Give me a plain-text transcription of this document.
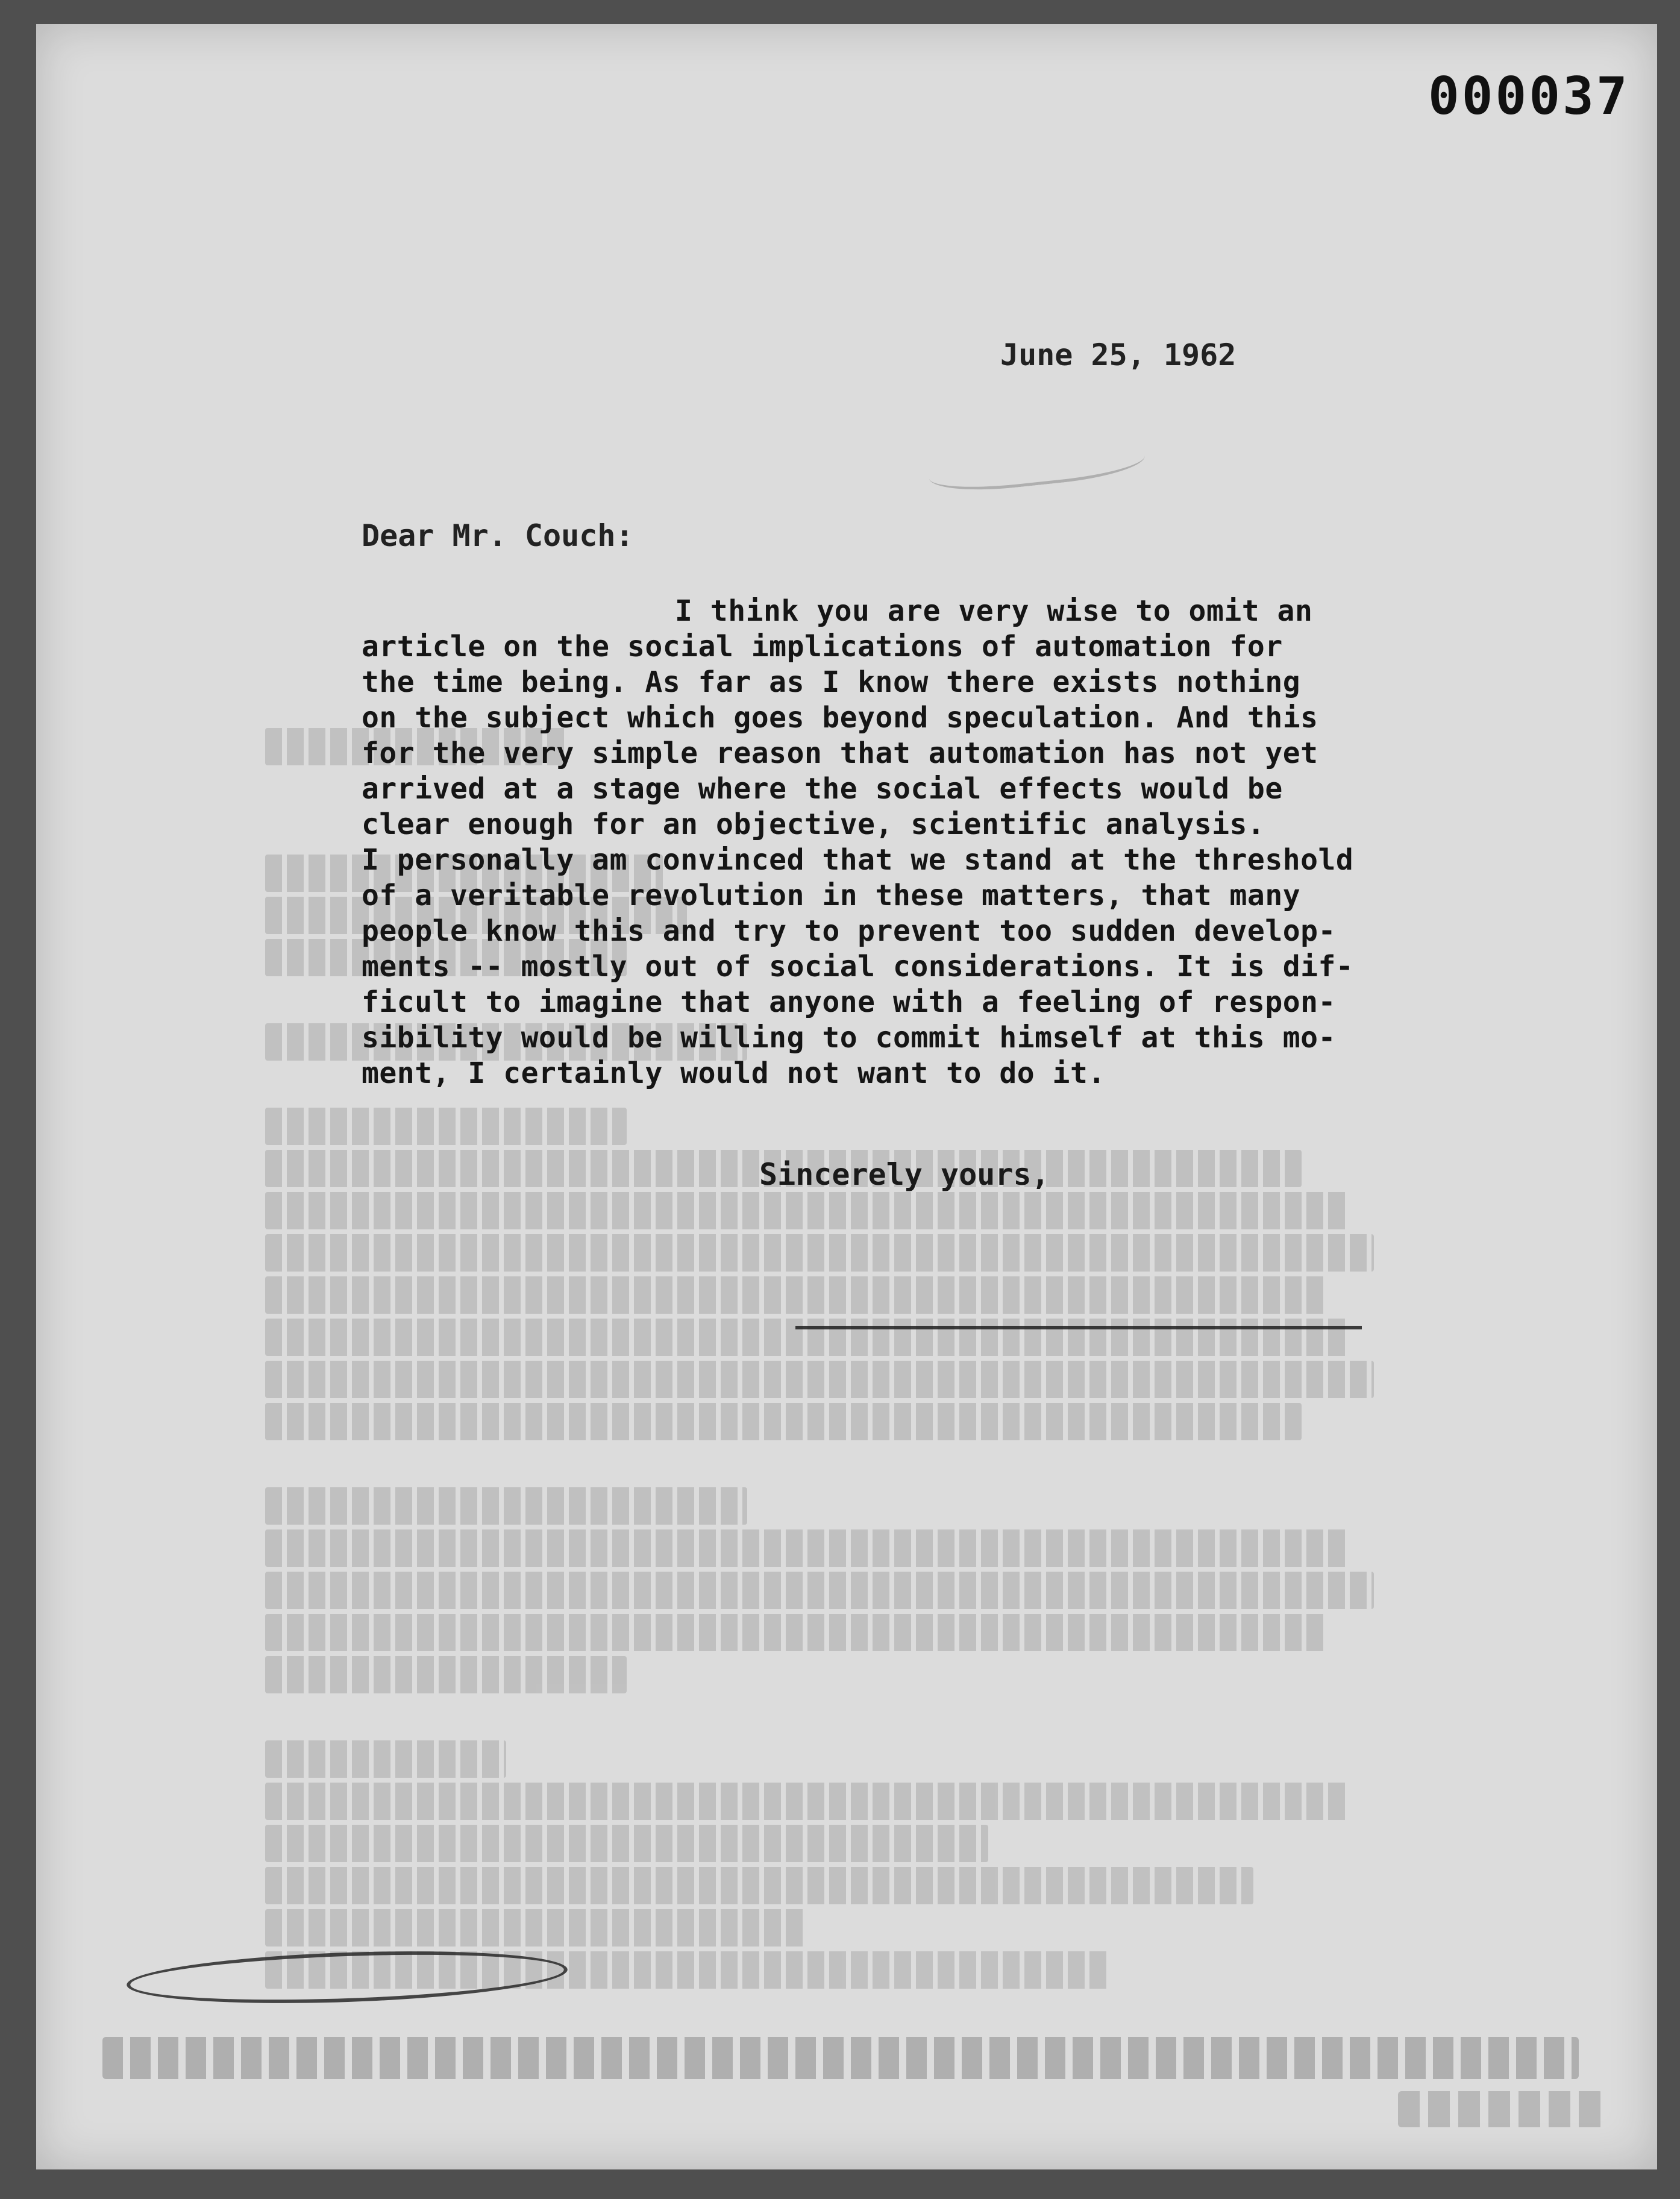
000037
June 25, 1962
Dear Mr. Couch:
I think you are very wise to omit an
article on the social implications of automation for
the time being. As far as I know there exists nothing
on the subject which goes beyond speculation. And this
for the very simple reason that automation has not yet
arrived at a stage where the social effects would be
clear enough for an objective, scientific analysis.
I personally am convinced that we stand at the threshold
of a veritable revolution in these matters, that many
people know this and try to prevent too sudden develop-
ments -- mostly out of social considerations. It is dif-
ficult to imagine that anyone with a feeling of respon-
sibility would be willing to commit himself at this mo-
ment, I certainly would not want to do it.
Sincerely yours,
